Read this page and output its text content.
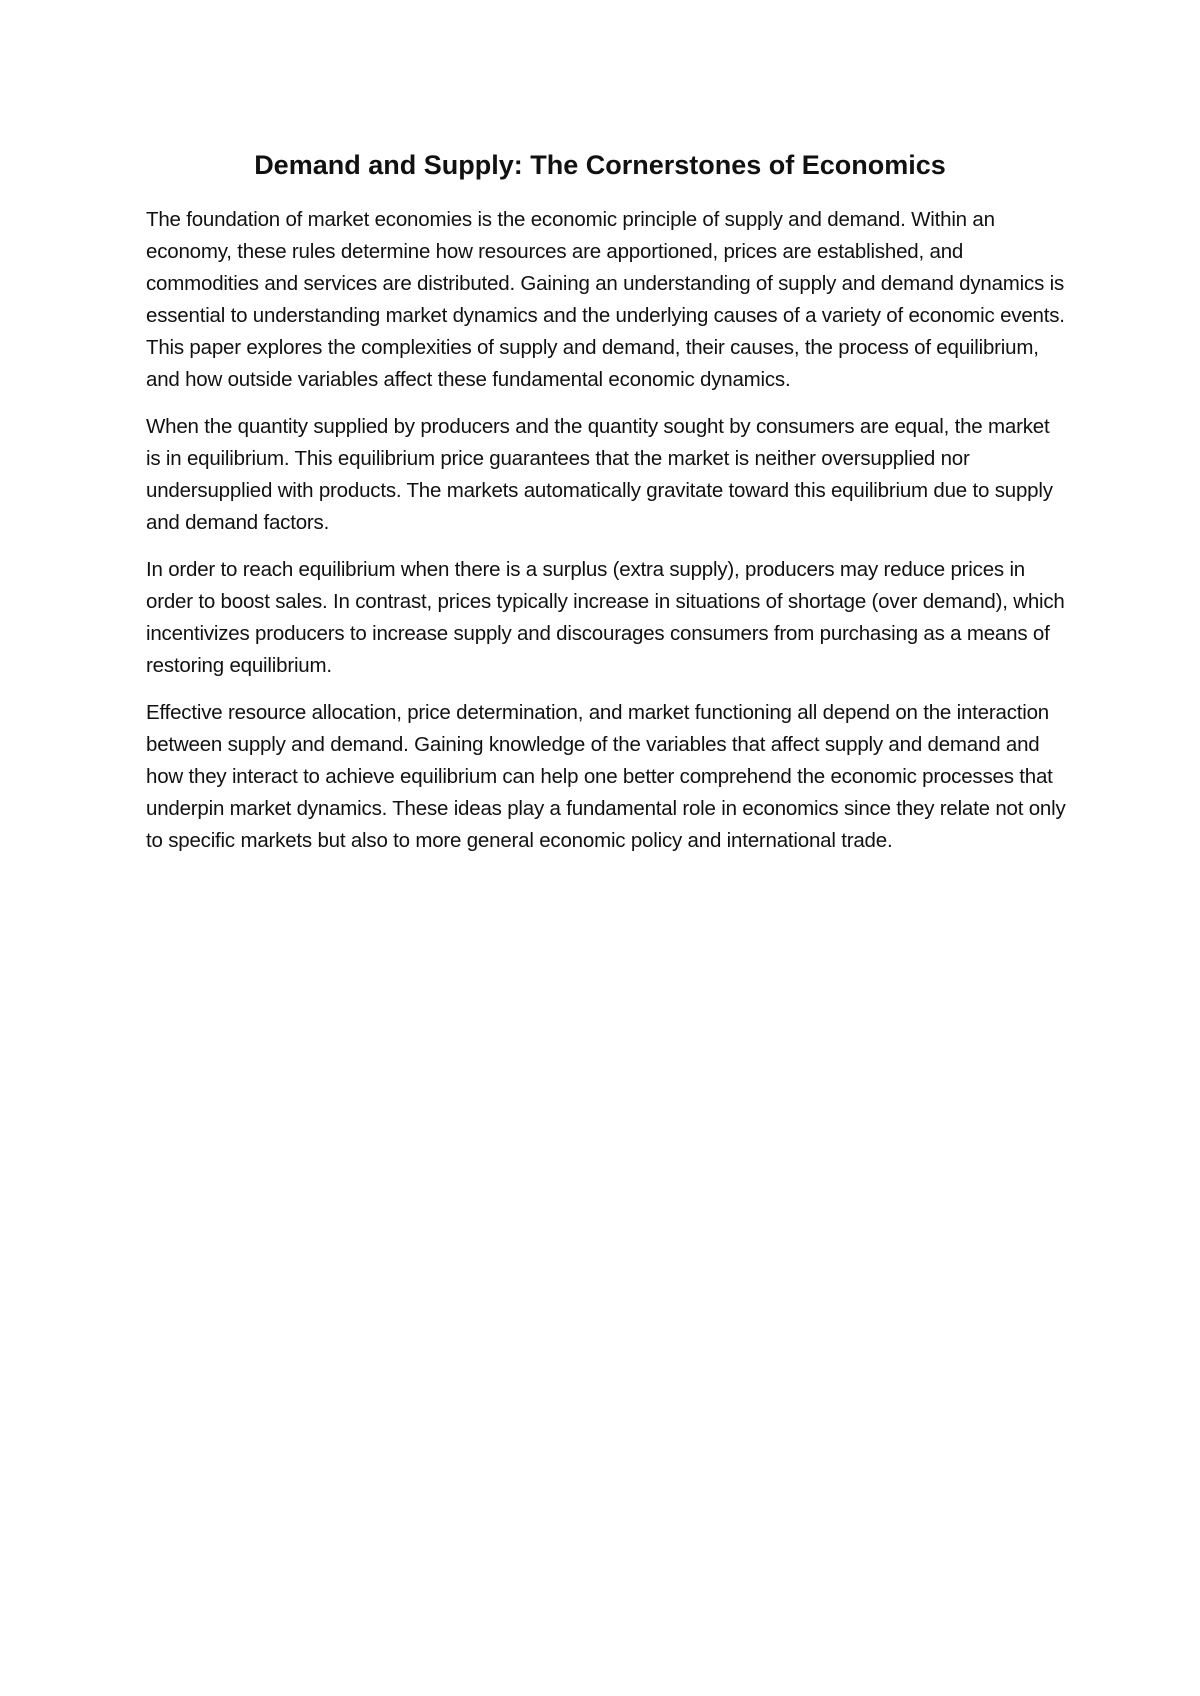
Demand and Supply: The Cornerstones of Economics

The foundation of market economies is the economic principle of supply and demand. Within an economy, these rules determine how resources are apportioned, prices are established, and commodities and services are distributed. Gaining an understanding of supply and demand dynamics is essential to understanding market dynamics and the underlying causes of a variety of economic events. This paper explores the complexities of supply and demand, their causes, the process of equilibrium, and how outside variables affect these fundamental economic dynamics.

When the quantity supplied by producers and the quantity sought by consumers are equal, the market is in equilibrium. This equilibrium price guarantees that the market is neither oversupplied nor undersupplied with products. The markets automatically gravitate toward this equilibrium due to supply and demand factors.

In order to reach equilibrium when there is a surplus (extra supply), producers may reduce prices in order to boost sales. In contrast, prices typically increase in situations of shortage (over demand), which incentivizes producers to increase supply and discourages consumers from purchasing as a means of restoring equilibrium.

Effective resource allocation, price determination, and market functioning all depend on the interaction between supply and demand. Gaining knowledge of the variables that affect supply and demand and how they interact to achieve equilibrium can help one better comprehend the economic processes that underpin market dynamics. These ideas play a fundamental role in economics since they relate not only to specific markets but also to more general economic policy and international trade.
